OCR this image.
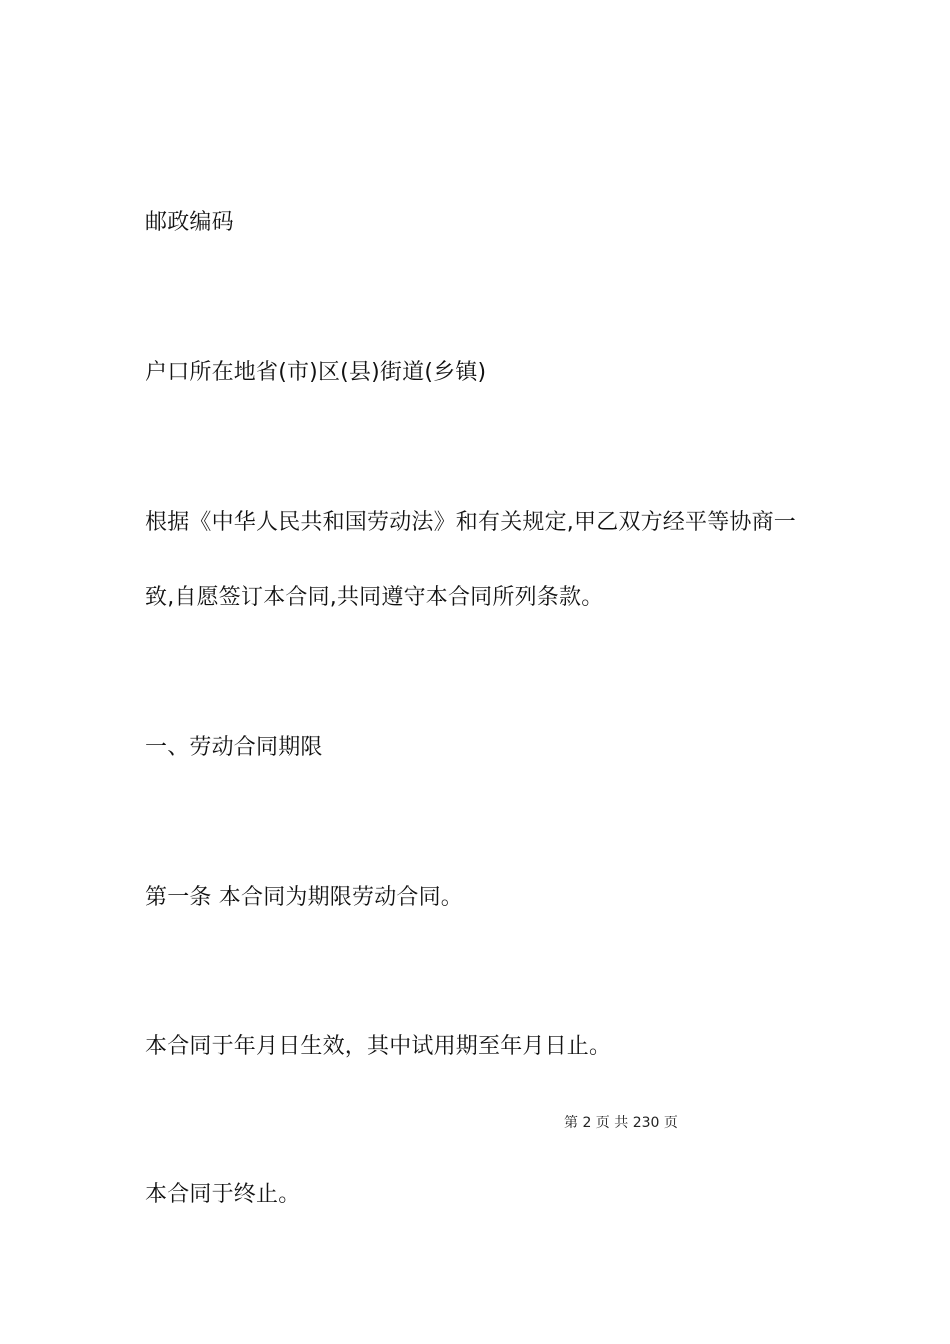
邮政编码
户口所在地省(市)区(县)街道(乡镇)
根据《中华人民共和国劳动法》和有关规定,甲乙双方经平等协商一
致,自愿签订本合同,共同遵守本合同所列条款。
一、劳动合同期限
第一条 本合同为期限劳动合同。
本合同于年月日生效，其中试用期至年月日止。
第 2 页 共 230 页
本合同于终止。
